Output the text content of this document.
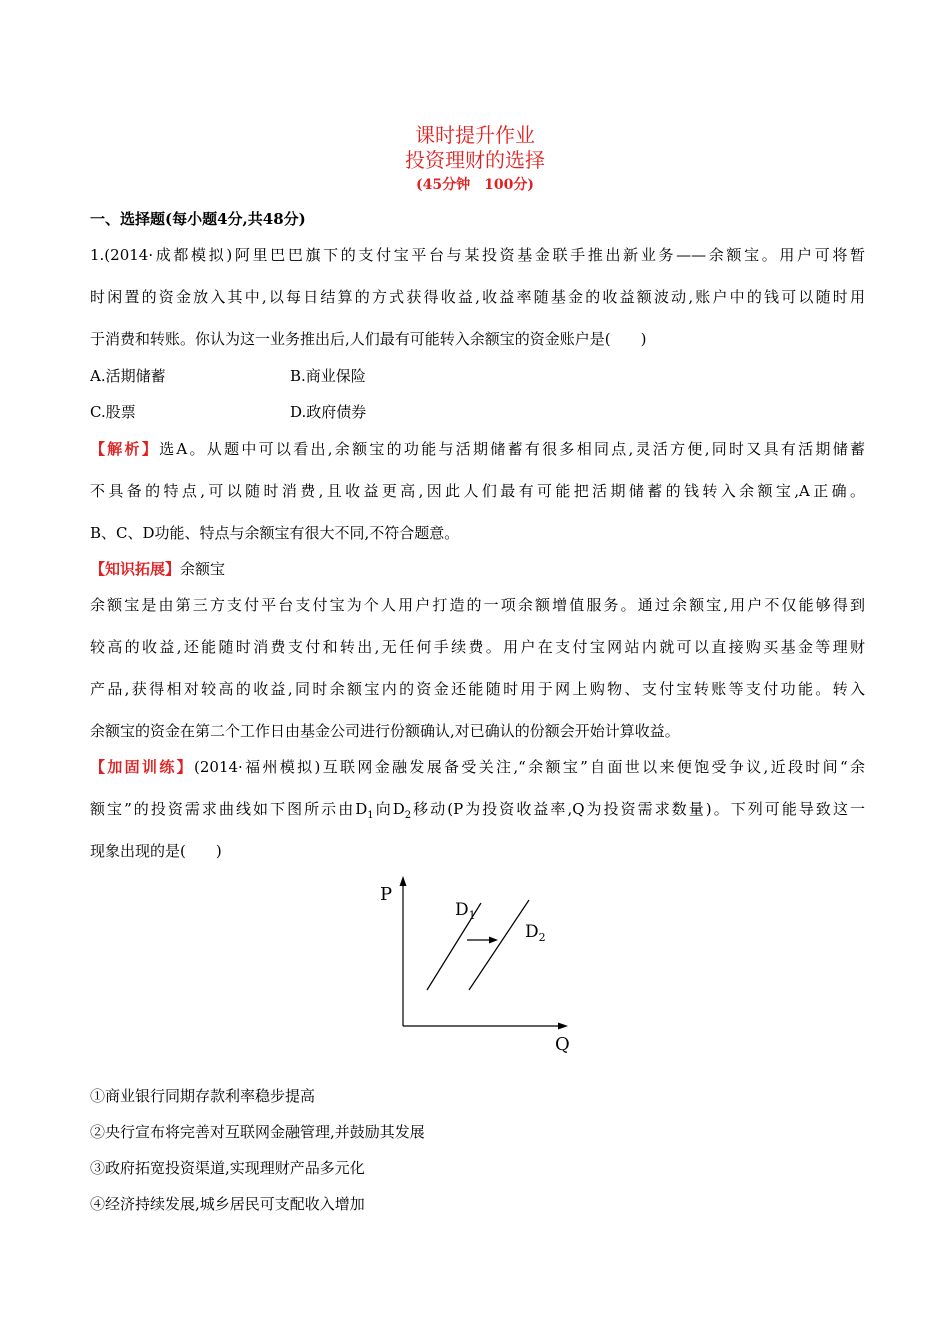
课时提升作业
投资理财的选择
(45分钟　100分)
一、选择题(每小题4分,共48分)
1.(2014·成都模拟)阿里巴巴旗下的支付宝平台与某投资基金联手推出新业务——余额宝。用户可将暂
时闲置的资金放入其中,以每日结算的方式获得收益,收益率随基金的收益额波动,账户中的钱可以随时用
于消费和转账。你认为这一业务推出后,人们最有可能转入余额宝的资金账户是(　　)
A.活期储蓄	B.商业保险
C.股票	D.政府债券
【解析】选A。从题中可以看出,余额宝的功能与活期储蓄有很多相同点,灵活方便,同时又具有活期储蓄
不具备的特点,可以随时消费,且收益更高,因此人们最有可能把活期储蓄的钱转入余额宝,A正确。
B、C、D功能、特点与余额宝有很大不同,不符合题意。
【知识拓展】余额宝
余额宝是由第三方支付平台支付宝为个人用户打造的一项余额增值服务。通过余额宝,用户不仅能够得到
较高的收益,还能随时消费支付和转出,无任何手续费。用户在支付宝网站内就可以直接购买基金等理财
产品,获得相对较高的收益,同时余额宝内的资金还能随时用于网上购物、支付宝转账等支付功能。转入
余额宝的资金在第二个工作日由基金公司进行份额确认,对已确认的份额会开始计算收益。
【加固训练】(2014·福州模拟)互联网金融发展备受关注,“余额宝”自面世以来便饱受争议,近段时间“余
额宝”的投资需求曲线如下图所示由$D_1$向$D_2$移动(P为投资收益率,Q为投资需求数量)。下列可能导致这一
现象出现的是(　　)
P
Q
$D_1$
$D_2$
①商业银行同期存款利率稳步提高
②央行宣布将完善对互联网金融管理,并鼓励其发展
③政府拓宽投资渠道,实现理财产品多元化
④经济持续发展,城乡居民可支配收入增加
